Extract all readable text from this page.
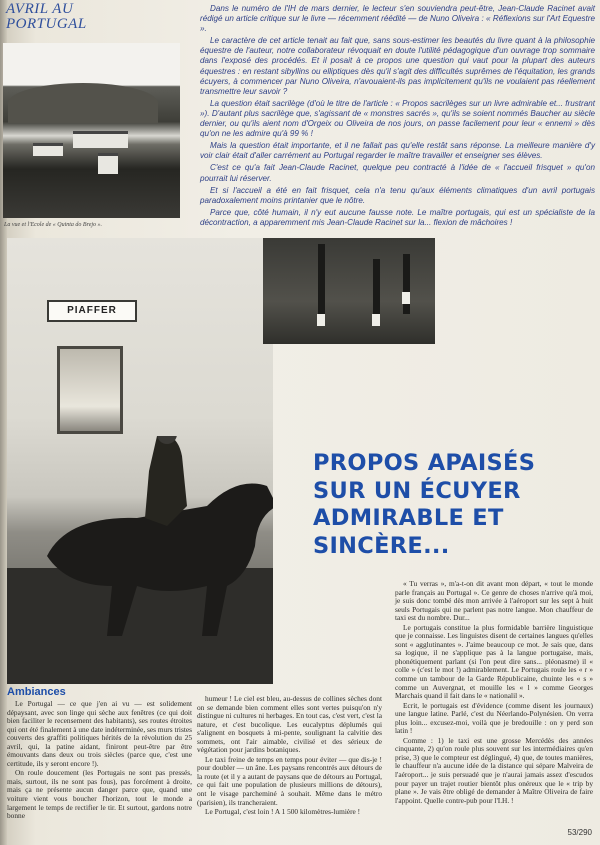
AVRIL AU PORTUGAL
La vue et l'Ecole de « Quinta do Brejo ».

Dans le numéro de l'IH de mars dernier, le lecteur s'en souviendra peut-être, Jean-Claude Racinet avait rédigé un article critique sur le livre — récemment réédité — de Nuno Oliveira : « Réflexions sur l'Art Equestre ».

Le caractère de cet article tenait au fait que, sans sous-estimer les beautés du livre quant à la philosophie équestre de l'auteur, notre collaborateur révoquait en doute l'utilité pédagogique d'un ouvrage trop sommaire dans l'exposé des procédés. Et il posait à ce propos une question qui vaut pour la plupart des auteurs équestres : en restant sibyllins ou elliptiques dès qu'il s'agit des difficultés suprêmes de l'équitation, les grands écuyers, à commencer par Nuno Oliveira, n'avouaient-ils pas implicitement qu'ils ne voulaient pas réellement transmettre leur savoir ?

La question était sacrilège (d'où le titre de l'article : « Propos sacrilèges sur un livre admirable et... frustrant »). D'autant plus sacrilège que, s'agissant de « monstres sacrés », qu'ils se soient nommés Baucher au siècle dernier, ou qu'ils aient nom d'Orgeix ou Oliveira de nos jours, on passe facilement pour leur « ennemi » dès qu'on ne les admire qu'à 99 % !

Mais la question était importante, et il ne fallait pas qu'elle restât sans réponse. La meilleure manière d'y voir clair était d'aller carrément au Portugal regarder le maître travailler et enseigner ses élèves.

C'est ce qu'a fait Jean-Claude Racinet, quelque peu contracté à l'idée de « l'accueil frisquet » qu'on pourrait lui réserver.

Et si l'accueil a été en fait frisquet, cela n'a tenu qu'aux éléments climatiques d'un avril portugais paradoxalement moins printanier que le nôtre.

Parce que, côté humain, il n'y eut aucune fausse note. Le maître portugais, qui est un spécialiste de la décontraction, a apparemment mis Jean-Claude Racinet sur la... flexion de mâchoires !

PIAFFER
PROPOS APAISÉS SUR UN ÉCUYER ADMIRABLE ET SINCÈRE...
Ambiances

Le Portugal — ce que j'en ai vu — est solidement dépaysant, avec son linge qui sèche aux fenêtres (ce qui doit bien faciliter le recensement des habitants), ses routes étroites qui ont été finalement à une date indéterminée, ses murs tristes couverts des graffiti politiques hérités de la révolution du 25 avril, qui, la patine aidant, finiront peut-être par être émouvants dans deux ou trois siècles (parce que, c'est une certitude, ils y seront encore !).

On roule doucement (les Portugais ne sont pas pressés, mais, surtout, ils ne sont pas fous), pas forcément à droite, mais ça ne présente aucun danger parce que, quand une voiture vient vous boucher l'horizon, tout le monde a largement le temps de rectifier le tir. Et surtout, gardons notre bonne

humeur ! Le ciel est bleu, au-dessus de collines sèches dont on se demande bien comment elles sont vertes puisqu'on n'y distingue ni cultures ni herbages. En tout cas, c'est vert, c'est la nature, et c'est bucolique. Les eucalyptus déplumés qui s'alignent en bosquets à mi-pente, soulignant la calvitie des sommets, ont l'air aimable, civilisé et des sérieux de végétation pour jardins botaniques.

Le taxi freine de temps en temps pour éviter — que dis-je ! pour doubler — un âne. Les paysans rencontrés aux détours de la route (et il y a autant de paysans que de détours au Portugal, ce qui fait une population de plusieurs millions de détours), ont le visage parcheminé à souhait. Même dans le métro (parisien), ils trancheraient.

Le Portugal, c'est loin ! A 1 500 kilomètres-lumière !

« Tu verras », m'a-t-on dit avant mon départ, « tout le monde parle français au Portugal ». Ce genre de choses n'arrive qu'à moi, je suis donc tombé dès mon arrivée à l'aéroport sur les sept à huit seuls Portugais qui ne parlent pas notre langue. Mon chauffeur de taxi est du nombre. Dur...

Le portugais constitue la plus formidable barrière linguistique que je connaisse. Les linguistes disent de certaines langues qu'elles sont « agglutinantes ». J'aime beaucoup ce mot. Je sais que, dans sa logique, il ne s'applique pas à la langue portugaise, mais, phonétiquement parlant (si l'on peut dire sans... pléonasme) il « colle » (c'est le mot !) admirablement. Le Portugais roule les « r » comme un tambour de la Garde Républicaine, chuinte les « s » comme un Auvergnat, et mouille les « l » comme Georges Marchais quand il fait dans le « nationalil ».

Ecrit, le portugais est d'évidence (comme disent les journaux) une langue latine. Parlé, c'est du Néerlando-Polynésien. On verra plus loin... excusez-moi, voilà que je bredouille : on y perd son latin !

Comme : 1) le taxi est une grosse Mercédès des années cinquante, 2) qu'on roule plus souvent sur les intermédiaires qu'en prise, 3) que le compteur est déglingué, 4) que, de toutes manières, le chauffeur n'a aucune idée de la distance qui sépare Malveira de l'aéroport... je suis persuadé que je n'aurai jamais assez d'escudos pour payer un trajet routier bientôt plus onéreux que le « trip by plane ». Je vais être obligé de demander à Maître Oliveira de faire l'appoint. Quelle contre-pub pour l'I.H. !

53/290
